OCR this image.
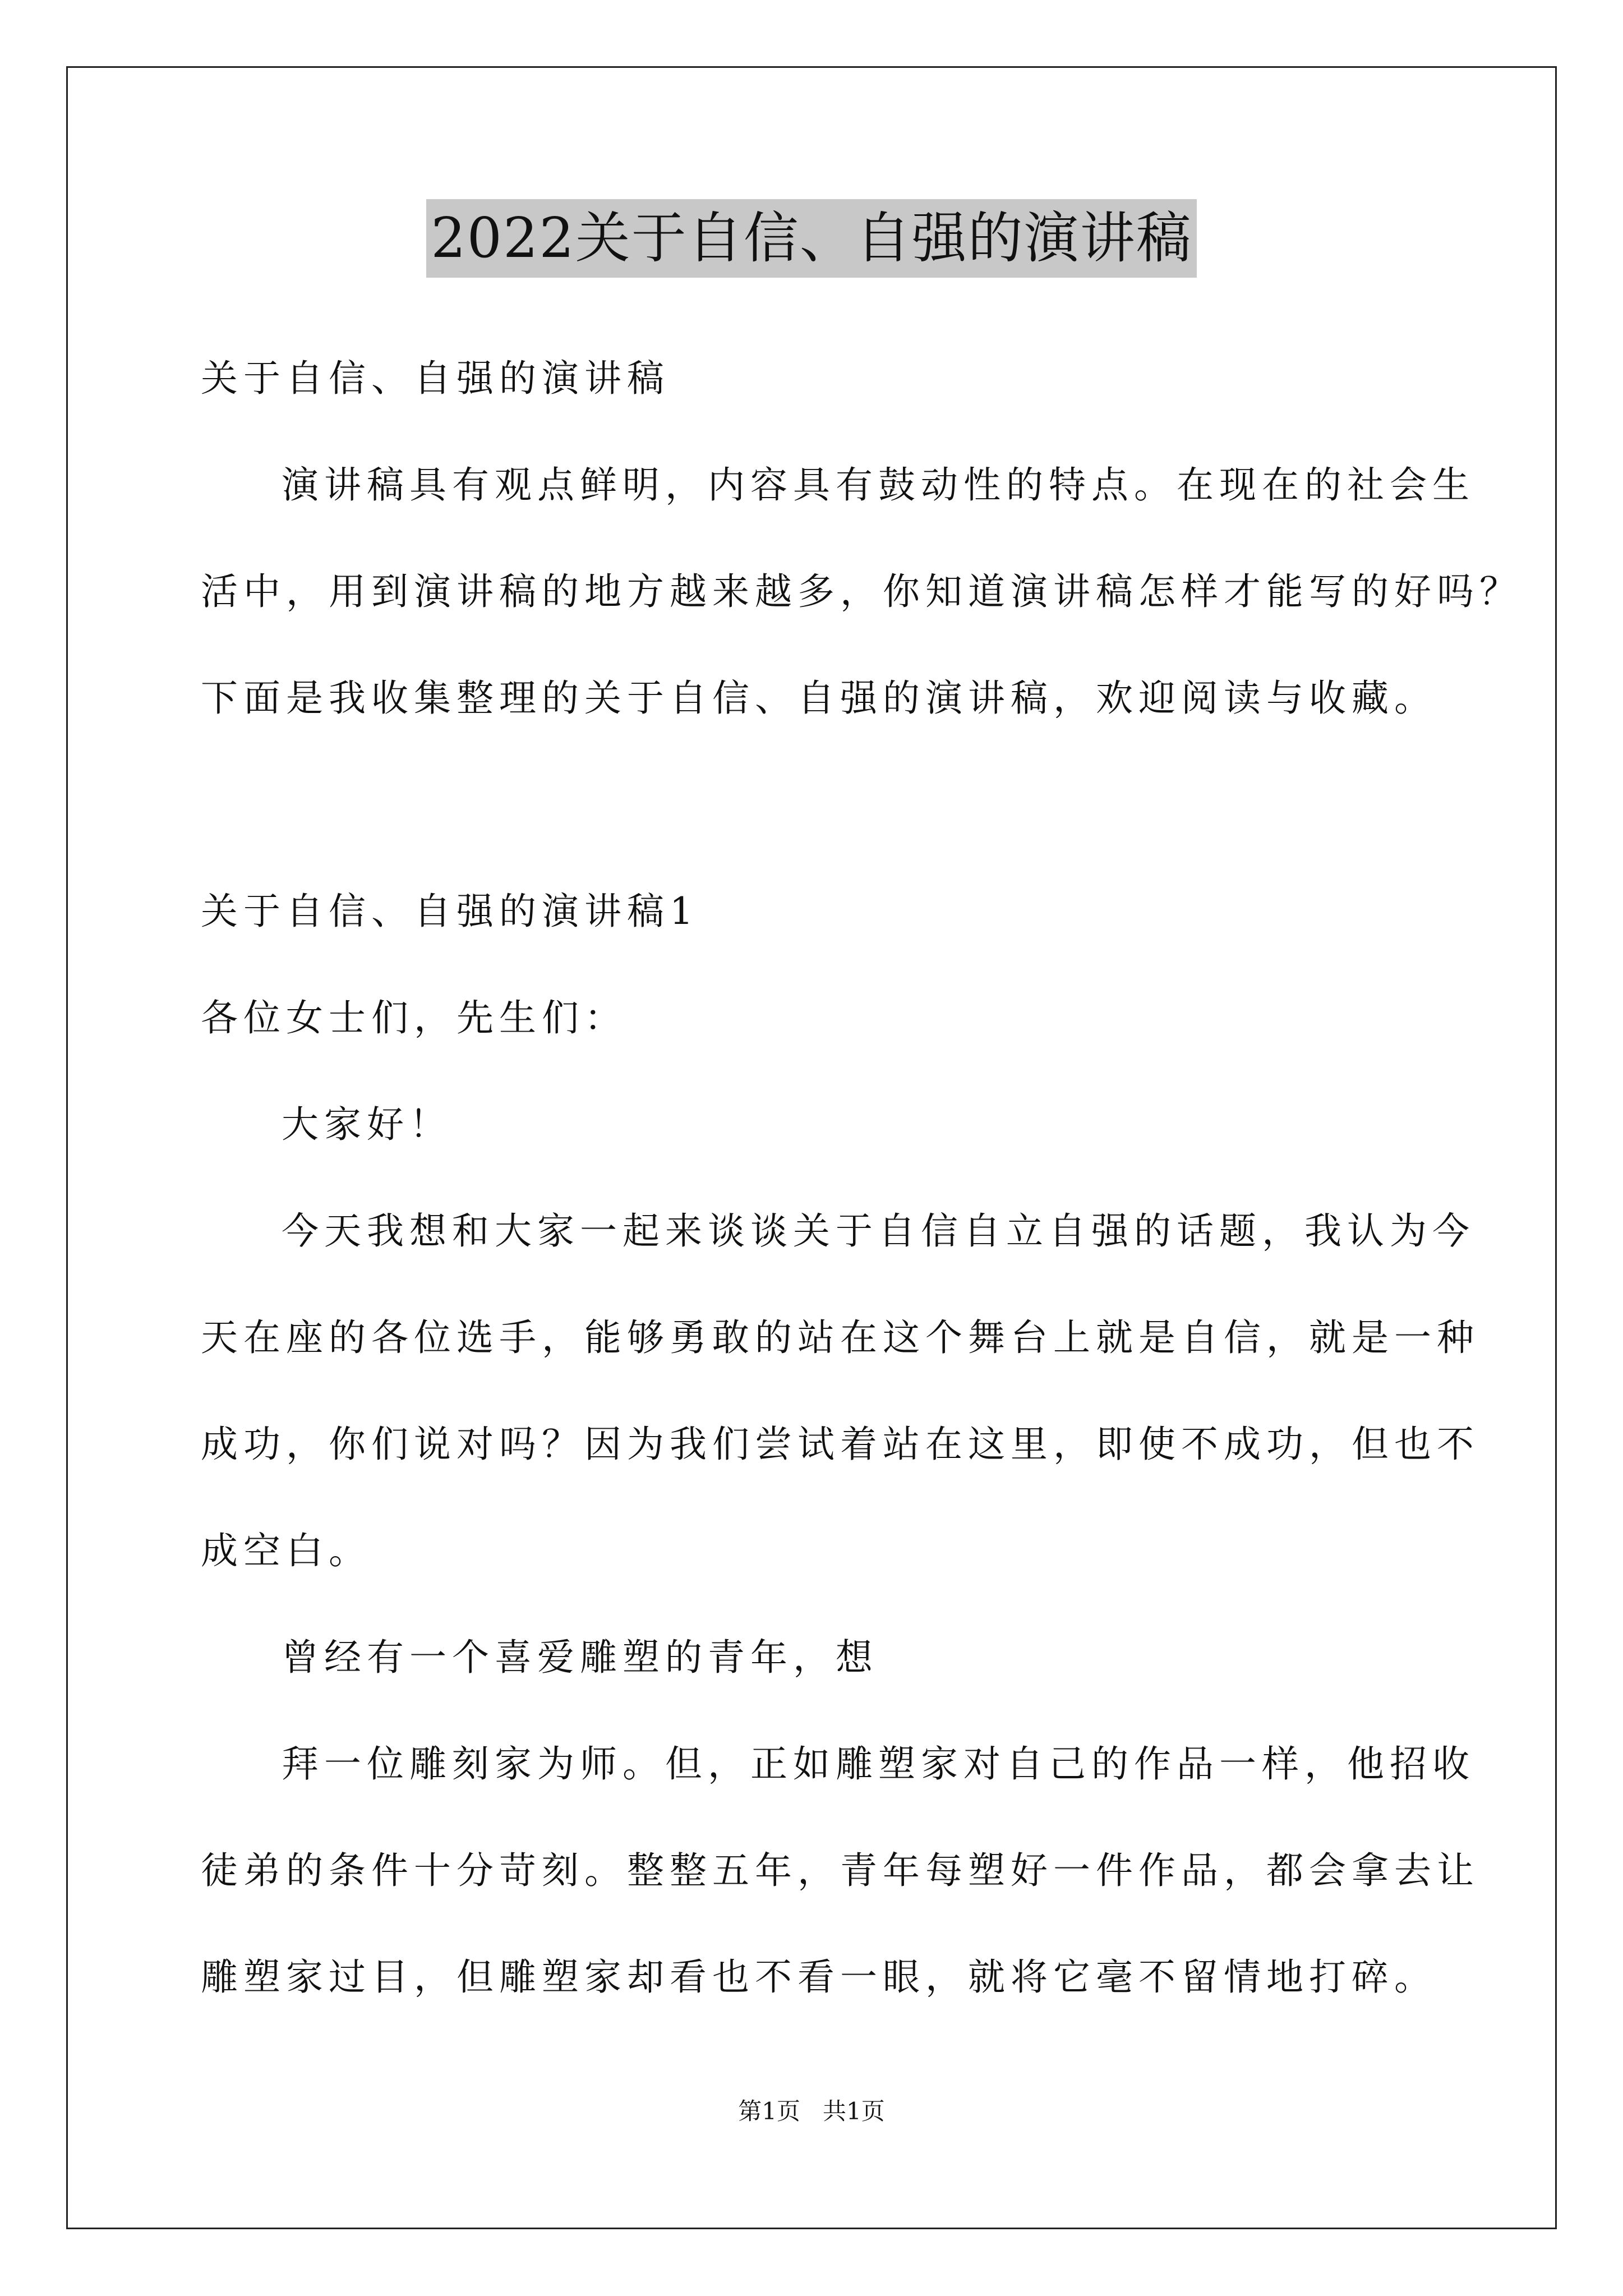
2022关于自信、自强的演讲稿
关于自信、自强的演讲稿
演讲稿具有观点鲜明，内容具有鼓动性的特点。在现在的社会生
活中，用到演讲稿的地方越来越多，你知道演讲稿怎样才能写的好吗？
下面是我收集整理的关于自信、自强的演讲稿，欢迎阅读与收藏。
关于自信、自强的演讲稿1
各位女士们，先生们：
大家好！
今天我想和大家一起来谈谈关于自信自立自强的话题，我认为今
天在座的各位选手，能够勇敢的站在这个舞台上就是自信，就是一种
成功，你们说对吗？因为我们尝试着站在这里，即使不成功，但也不
成空白。
曾经有一个喜爱雕塑的青年，想
拜一位雕刻家为师。但，正如雕塑家对自己的作品一样，他招收
徒弟的条件十分苛刻。整整五年，青年每塑好一件作品，都会拿去让
雕塑家过目，但雕塑家却看也不看一眼，就将它毫不留情地打碎。
第1页   共1页
